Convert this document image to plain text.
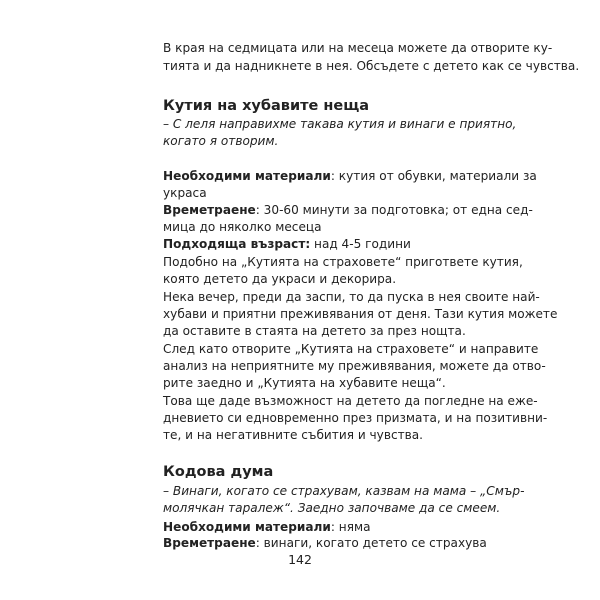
В края на седмицата или на месеца можете да отворите ку-
тията и да надникнете в нея. Обсъдете с детето как се чувства.
Кутия на хубавите неща
– С леля направихме такава кутия и винаги е приятно,
когато я отворим.
Необходими материали: кутия от обувки, материали за
украса
Времетраене: 30-60 минути за подготовка; от една сед-
мица до няколко месеца
Подходяща възраст: над 4-5 години
Подобно на „Кутията на страховете“ пригответе кутия,
която детето да украси и декорира.
Нека вечер, преди да заспи, то да пуска в нея своите най-
хубави и приятни преживявания от деня. Тази кутия можете
да оставите в стаята на детето за през нощта.
След като отворите „Кутията на страховете“ и направите
анализ на неприятните му преживявания, можете да отво-
рите заедно и „Кутията на хубавите неща“.
Това ще даде възможност на детето да погледне на еже-
дневието си едновременно през призмата, и на позитивни-
те, и на негативните събития и чувства.
Кодова дума
– Винаги, когато се страхувам, казвам на мама – „Смър-
молячкан таралеж“. Заедно започваме да се смеем.
Необходими материали: няма
Времетраене: винаги, когато детето се страхува
142
